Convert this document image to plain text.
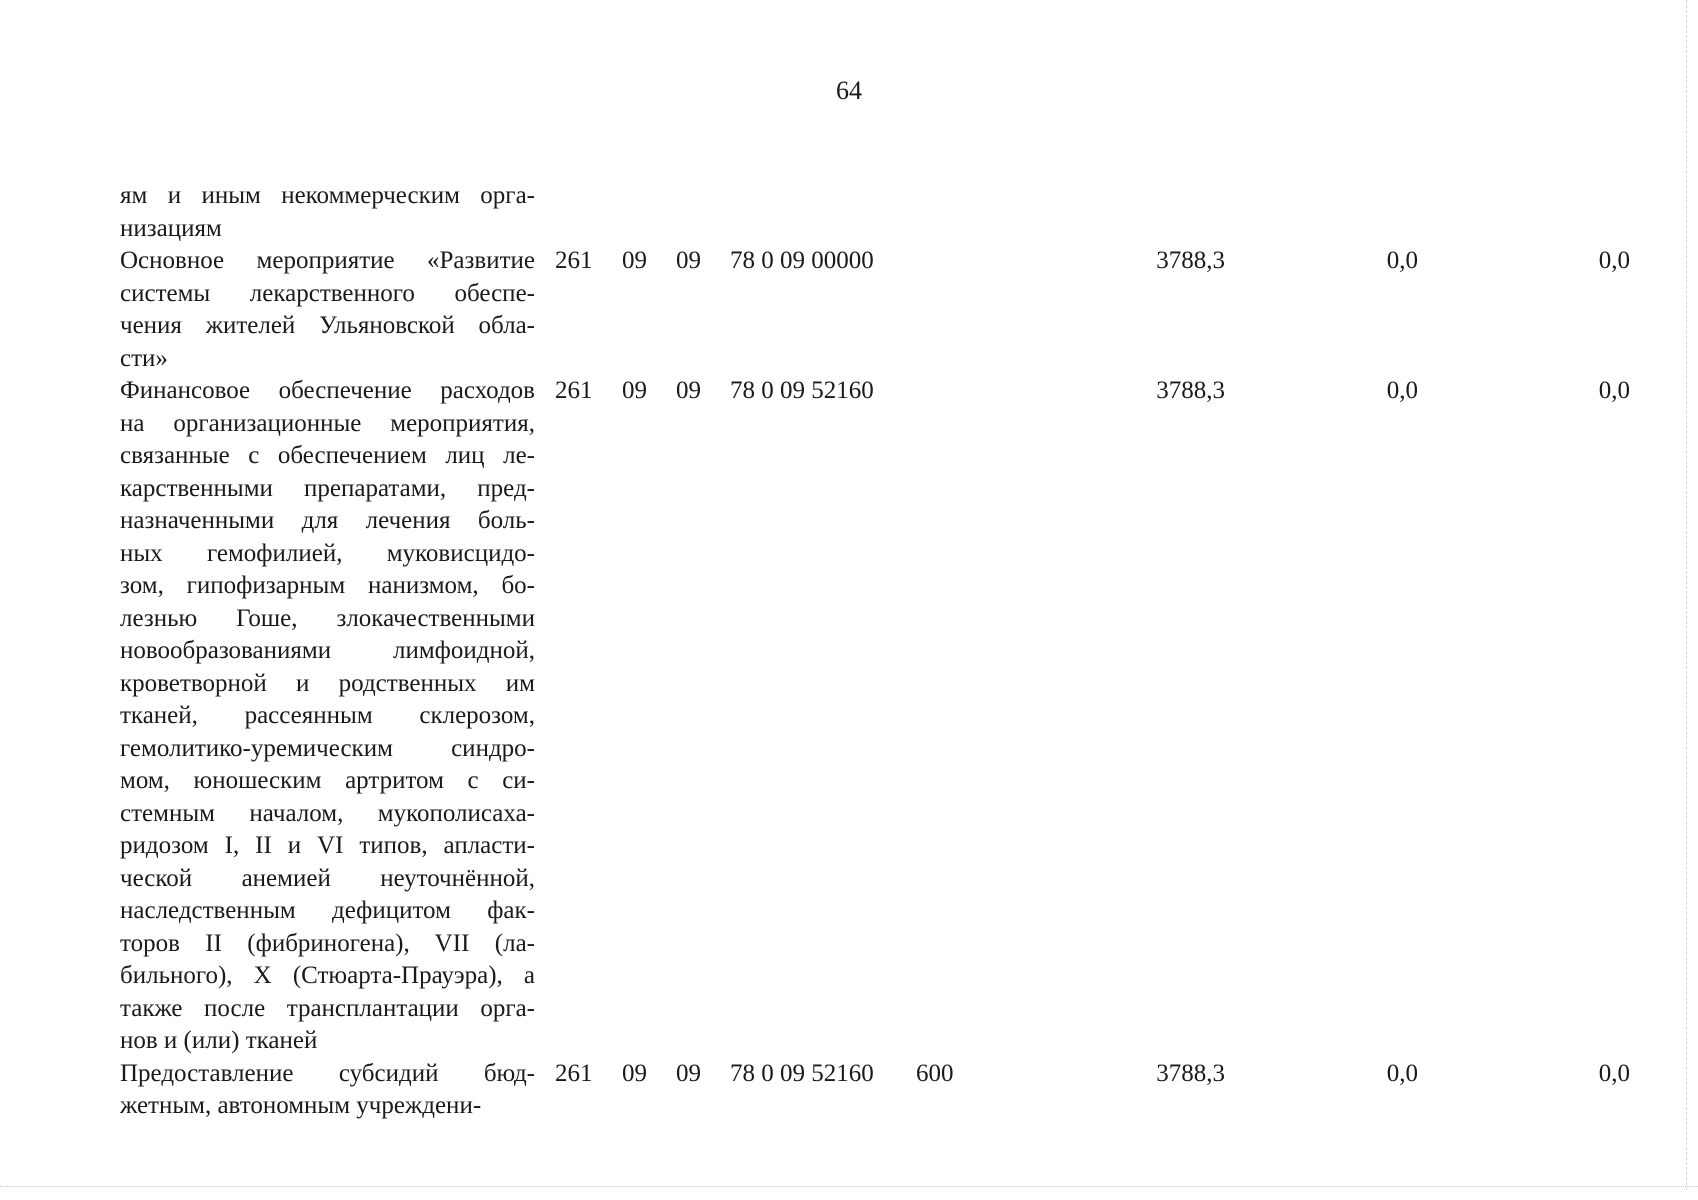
64
ям и иным некоммерческим орга-
низациям
Основное мероприятие «Развитие
системы лекарственного обеспе-
чения жителей Ульяновской обла-
сти»
261 09 09 78 0 09 00000	3788,3	0,0	0,0
Финансовое обеспечение расходов
на организационные мероприятия,
связанные с обеспечением лиц ле-
карственными препаратами, пред-
назначенными для лечения боль-
ных гемофилией, муковисцидо-
зом, гипофизарным нанизмом, бо-
лезнью Гоше, злокачественными
новообразованиями лимфоидной,
кроветворной и родственных им
тканей, рассеянным склерозом,
гемолитико-уремическим синдро-
мом, юношеским артритом с си-
стемным началом, мукополисаха-
ридозом I, II и VI типов, апласти-
ческой анемией неуточнённой,
наследственным дефицитом фак-
торов II (фибриногена), VII (ла-
бильного), X (Стюарта-Прауэра), а
также после трансплантации орга-
нов и (или) тканей
261 09 09 78 0 09 52160	3788,3	0,0	0,0
Предоставление субсидий бюд-
жетным, автономным учреждени-
261 09 09 78 0 09 52160 600	3788,3	0,0	0,0
